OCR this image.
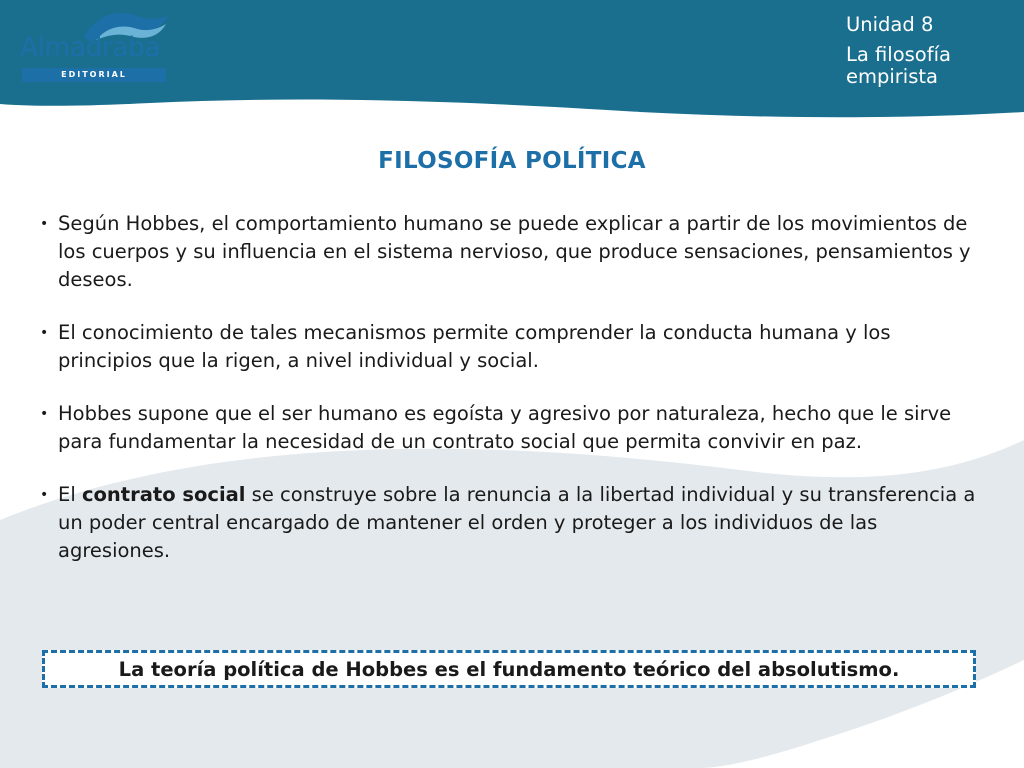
Almadraba
EDITORIAL
Unidad 8
La filosofía empirista
FILOSOFÍA POLÍTICA
• Según Hobbes, el comportamiento humano se puede explicar a partir de los movimientos de los cuerpos y su influencia en el sistema nervioso, que produce sensaciones, pensamientos y deseos.
• El conocimiento de tales mecanismos permite comprender la conducta humana y los principios que la rigen, a nivel individual y social.
• Hobbes supone que el ser humano es egoísta y agresivo por naturaleza, hecho que le sirve para fundamentar la necesidad de un contrato social que permita convivir en paz.
• El contrato social se construye sobre la renuncia a la libertad individual y su transferencia a un poder central encargado de mantener el orden y proteger a los individuos de las agresiones.
La teoría política de Hobbes es el fundamento teórico del absolutismo.
